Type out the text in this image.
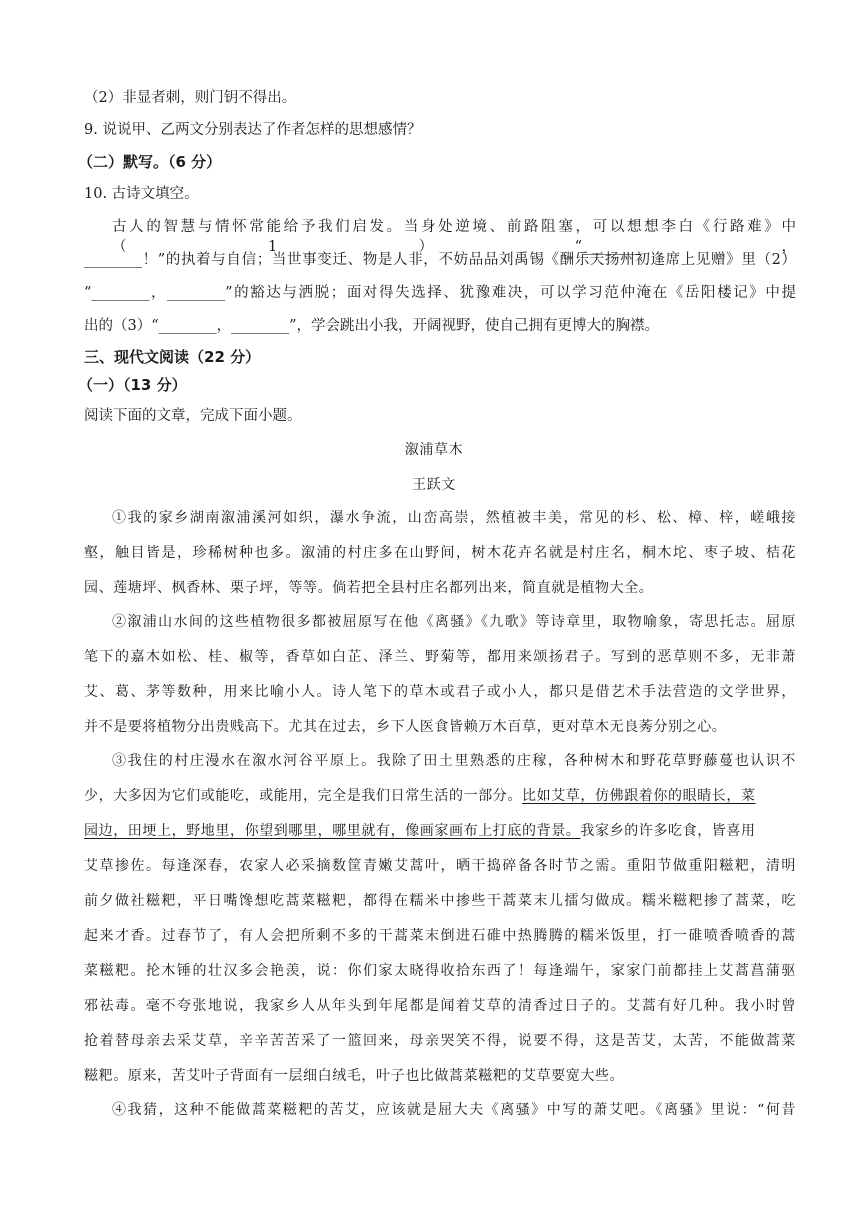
（2）非显者刺，则门钥不得出。
9. 说说甲、乙两文分别表达了作者怎样的思想感情？
（二）默写。（6 分）
10. 古诗文填空。
古人的智慧与情怀常能给予我们启发。当身处逆境、前路阻塞，可以想想李白《行路难》中（1）“________，
________！”的执着与自信；当世事变迁、物是人非，不妨品品刘禹锡《酬乐天扬州初逢席上见赠》里（2）
“________，________”的豁达与洒脱；面对得失选择、犹豫难决，可以学习范仲淹在《岳阳楼记》中提
出的（3）“________，________”，学会跳出小我，开阔视野，使自己拥有更博大的胸襟。
三、现代文阅读（22 分）
（一）（13 分）
阅读下面的文章，完成下面小题。
溆浦草木
王跃文
①我的家乡湖南溆浦溪河如织，瀑水争流，山峦高崇，然植被丰美，常见的杉、松、樟、梓，嵯峨接
壑，触目皆是，珍稀树种也多。溆浦的村庄多在山野间，树木花卉名就是村庄名，桐木坨、枣子坡、桔花
园、莲塘坪、枫香林、栗子坪，等等。倘若把全县村庄名都列出来，简直就是植物大全。
②溆浦山水间的这些植物很多都被屈原写在他《离骚》《九歌》等诗章里，取物喻象，寄思托志。屈原
笔下的嘉木如松、桂、椒等，香草如白芷、泽兰、野菊等，都用来颂扬君子。写到的恶草则不多，无非萧
艾、葛、茅等数种，用来比喻小人。诗人笔下的草木或君子或小人，都只是借艺术手法营造的文学世界，
并不是要将植物分出贵贱高下。尤其在过去，乡下人医食皆赖万木百草，更对草木无良莠分别之心。
③我住的村庄漫水在溆水河谷平原上。我除了田土里熟悉的庄稼，各种树木和野花草野藤蔓也认识不
少，大多因为它们或能吃，或能用，完全是我们日常生活的一部分。比如艾草，仿佛跟着你的眼睛长，菜
园边，田埂上，野地里，你望到哪里，哪里就有，像画家画布上打底的背景。我家乡的许多吃食，皆喜用
艾草掺佐。每逢深春，农家人必采摘数筐青嫩艾蒿叶，晒干捣碎备各时节之需。重阳节做重阳糍粑，清明
前夕做社糍粑，平日嘴馋想吃蒿菜糍粑，都得在糯米中掺些干蒿菜末儿擂匀做成。糯米糍粑掺了蒿菜，吃
起来才香。过春节了，有人会把所剩不多的干蒿菜末倒进石碓中热腾腾的糯米饭里，打一碓喷香喷香的蒿
菜糍粑。抡木锤的壮汉多会艳羡，说：你们家太晓得收拾东西了！每逢端午，家家门前都挂上艾蒿菖蒲驱
邪祛毒。毫不夸张地说，我家乡人从年头到年尾都是闻着艾草的清香过日子的。艾蒿有好几种。我小时曾
抢着替母亲去采艾草，辛辛苦苦采了一篮回来，母亲哭笑不得，说要不得，这是苦艾，太苦，不能做蒿菜
糍粑。原来，苦艾叶子背面有一层细白绒毛，叶子也比做蒿菜糍粑的艾草要宽大些。
④我猜，这种不能做蒿菜糍粑的苦艾，应该就是屈大夫《离骚》中写的萧艾吧。《离骚》里说：“何昔
